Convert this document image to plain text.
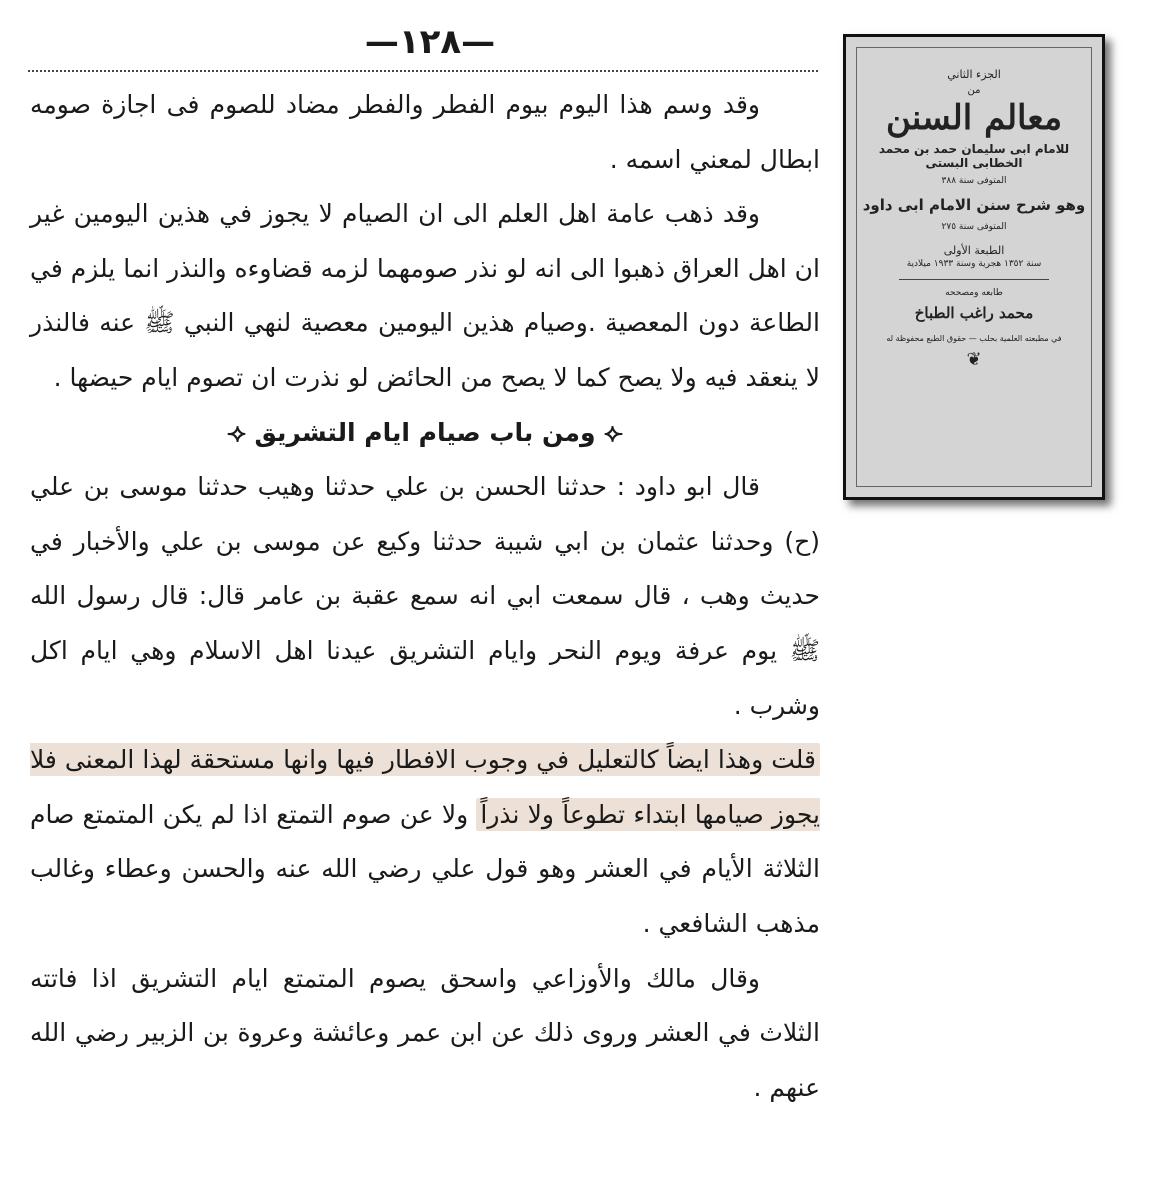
—١٢٨—

وقد وسم هذا اليوم بيوم الفطر والفطر مضاد للصوم فى اجازة صومه ابطال لمعني اسمه .

وقد ذهب عامة اهل العلم الى ان الصيام لا يجوز في هذين اليومين غير ان اهل العراق ذهبوا الى انه لو نذر صومهما لزمه قضاوءه والنذر انما يلزم في الطاعة دون المعصية .وصيام هذين اليومين معصية لنهي النبي ﷺ عنه فالنذر لا ينعقد فيه ولا يصح كما لا يصح من الحائض لو نذرت ان تصوم ايام حيضها .

⟢ ومن باب صيام ايام التشريق ⟣

قال ابو داود : حدثنا الحسن بن علي حدثنا وهيب حدثنا موسى بن علي (ح) وحدثنا عثمان بن ابي شيبة حدثنا وكيع عن موسى بن علي والأخبار في حديث وهب ، قال سمعت ابي انه سمع عقبة بن عامر قال: قال رسول الله ﷺ يوم عرفة ويوم النحر وايام التشريق عيدنا اهل الاسلام وهي ايام اكل وشرب .

قلت وهذا ايضاً كالتعليل في وجوب الافطار فيها وانها مستحقة لهذا المعنى فلا يجوز صيامها ابتداء تطوعاً ولا نذراً ولا عن صوم التمتع اذا لم يكن المتمتع صام الثلاثة الأيام في العشر وهو قول علي رضي الله عنه والحسن وعطاء وغالب مذهب الشافعي .

وقال مالك والأوزاعي واسحق يصوم المتمتع ايام التشريق اذا فاتته الثلاث في العشر وروى ذلك عن ابن عمر وعائشة وعروة بن الزبير رضي الله عنهم .

الجزء الثاني
من
معالم السنن
للامام ابى سليمان حمد بن محمد الخطابى البستى
المتوفى سنة ٣٨٨
وهو شرح سنن الامام ابى داود
المتوفى سنة ٢٧٥
الطبعة الأولى
سنة ١٣٥٢ هجرية وسنة ١٩٣٣ ميلادية
طابعه ومصححه
محمد راغب الطباخ
في مطبعته العلمية بحلب — حقوق الطبع محفوظة له
❦
